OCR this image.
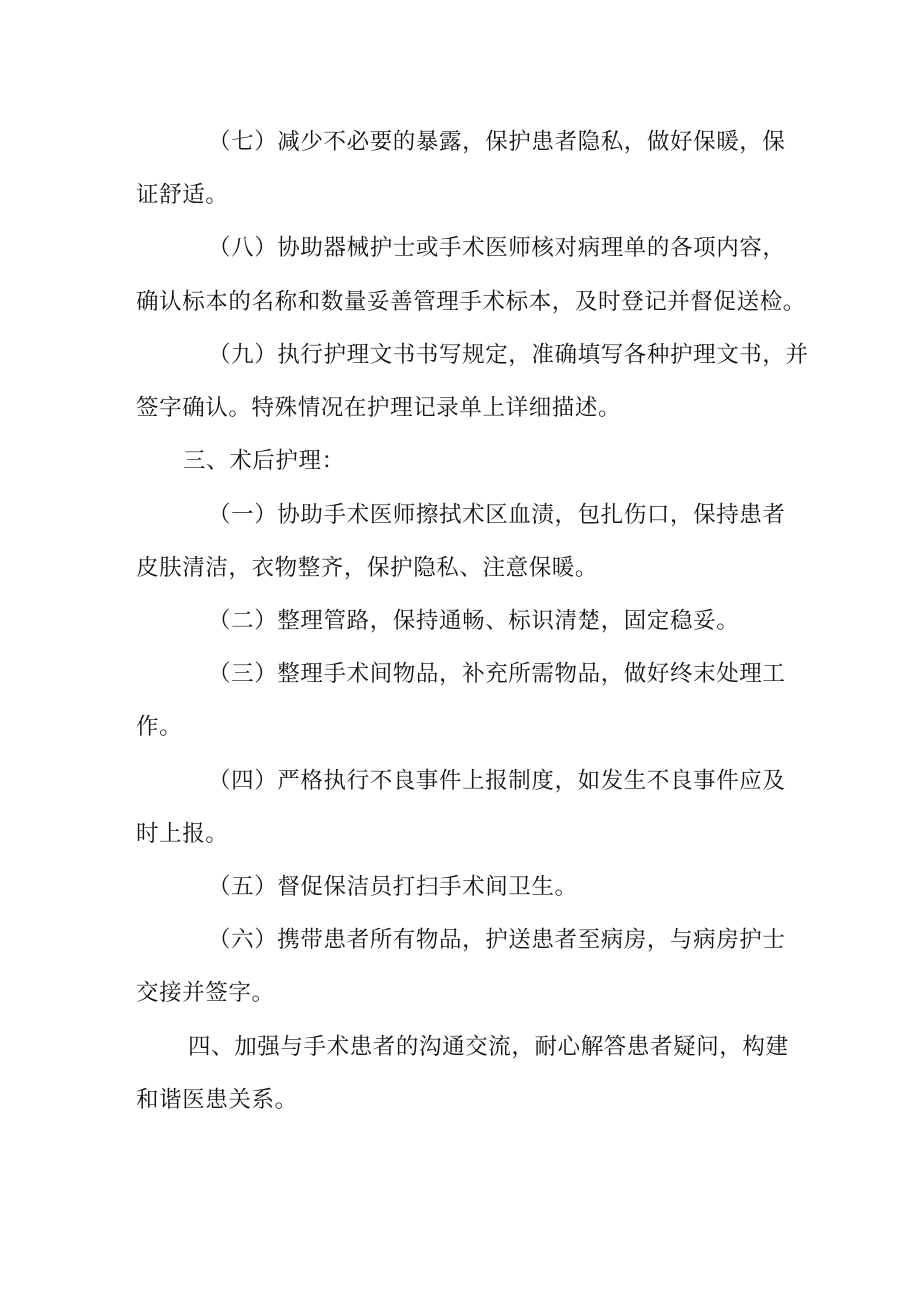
（七）减少不必要的暴露，保护患者隐私，做好保暖，保

证舒适。

（八）协助器械护士或手术医师核对病理单的各项内容，

确认标本的名称和数量妥善管理手术标本，及时登记并督促送检。

（九）执行护理文书书写规定，准确填写各种护理文书，并

签字确认。特殊情况在护理记录单上详细描述。

三、术后护理：

（一）协助手术医师擦拭术区血渍，包扎伤口，保持患者

皮肤清洁，衣物整齐，保护隐私、注意保暖。

（二）整理管路，保持通畅、标识清楚，固定稳妥。

（三）整理手术间物品，补充所需物品，做好终末处理工

作。

（四）严格执行不良事件上报制度，如发生不良事件应及

时上报。

（五）督促保洁员打扫手术间卫生。

（六）携带患者所有物品，护送患者至病房，与病房护士

交接并签字。

四、加强与手术患者的沟通交流，耐心解答患者疑问，构建

和谐医患关系。
